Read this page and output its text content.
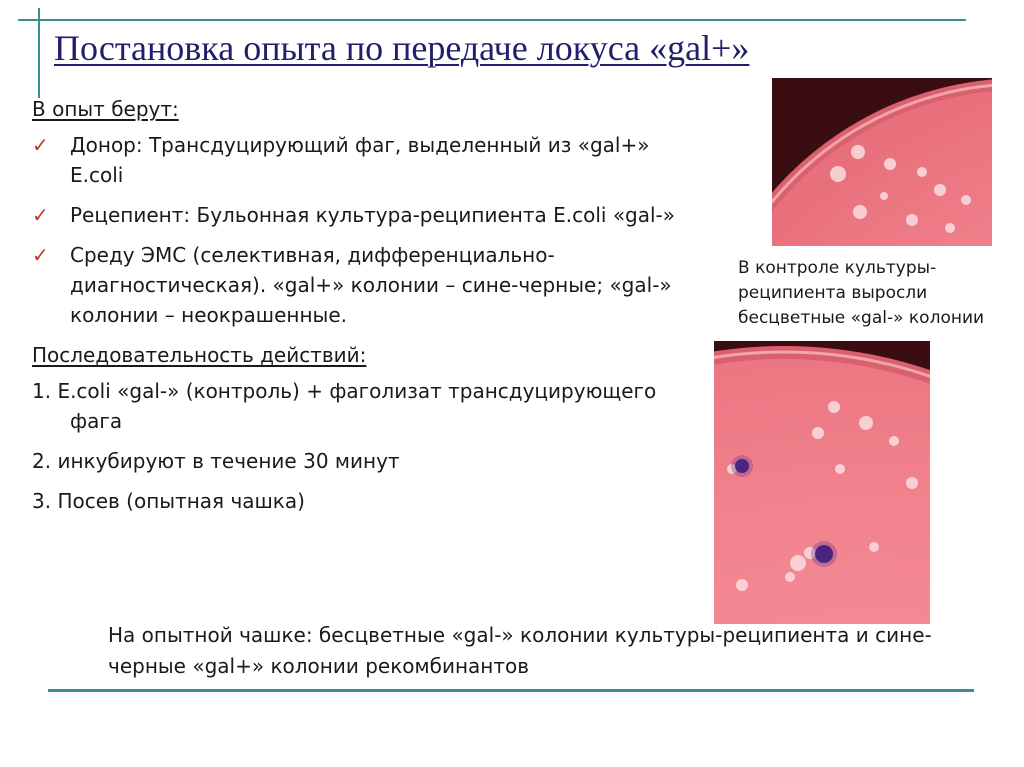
Постановка опыта по передаче локуса «gal+»

В опыт берут:

✓ Донор: Трансдуцирующий фаг, выделенный из «gal+» E.coli
✓ Рецепиент: Бульонная культура-реципиента E.coli «gal-»
✓ Среду ЭМС (селективная, дифференциально-диагностическая). «gal+» колонии – сине-черные; «gal-» колонии – неокрашенные.

Последовательность действий:

1. E.coli «gal-» (контроль) + фаголизат трансдуцирующего фага
2. инкубируют в течение 30 минут
3. Посев (опытная чашка)

В контроле культуры-реципиента выросли бесцветные «gal-» колонии

На опытной чашке: бесцветные «gal-» колонии культуры-реципиента и сине-
черные «gal+» колонии рекомбинантов
